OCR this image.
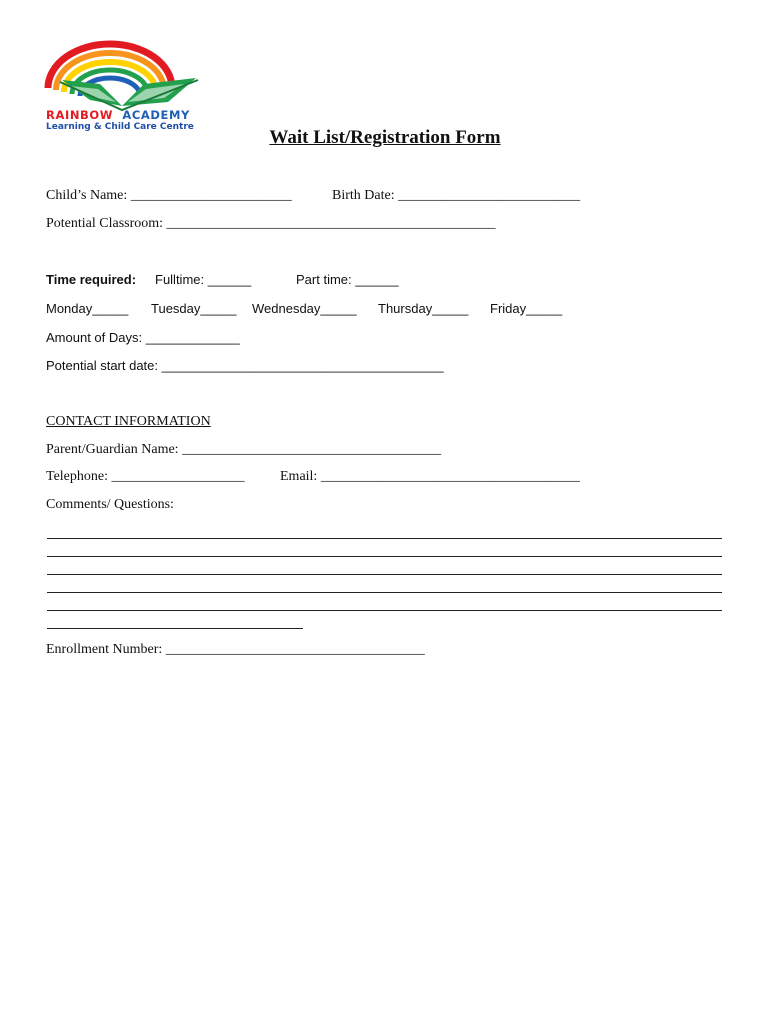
RAINBOW ACADEMY
Learning & Child Care Centre	Wait List/Registration Form
Child’s Name: _______________________	Birth Date: __________________________
Potential Classroom: _______________________________________________
Time required: Fulltime: ______	Part time: ______
Monday_____ Tuesday_____ Wednesday_____ Thursday_____ Friday_____
Amount of Days: _____________
Potential start date: _______________________________________
CONTACT INFORMATION
Parent/Guardian Name: _____________________________________
Telephone: ___________________	Email: _____________________________________
Comments/ Questions:
Enrollment Number: _____________________________________
